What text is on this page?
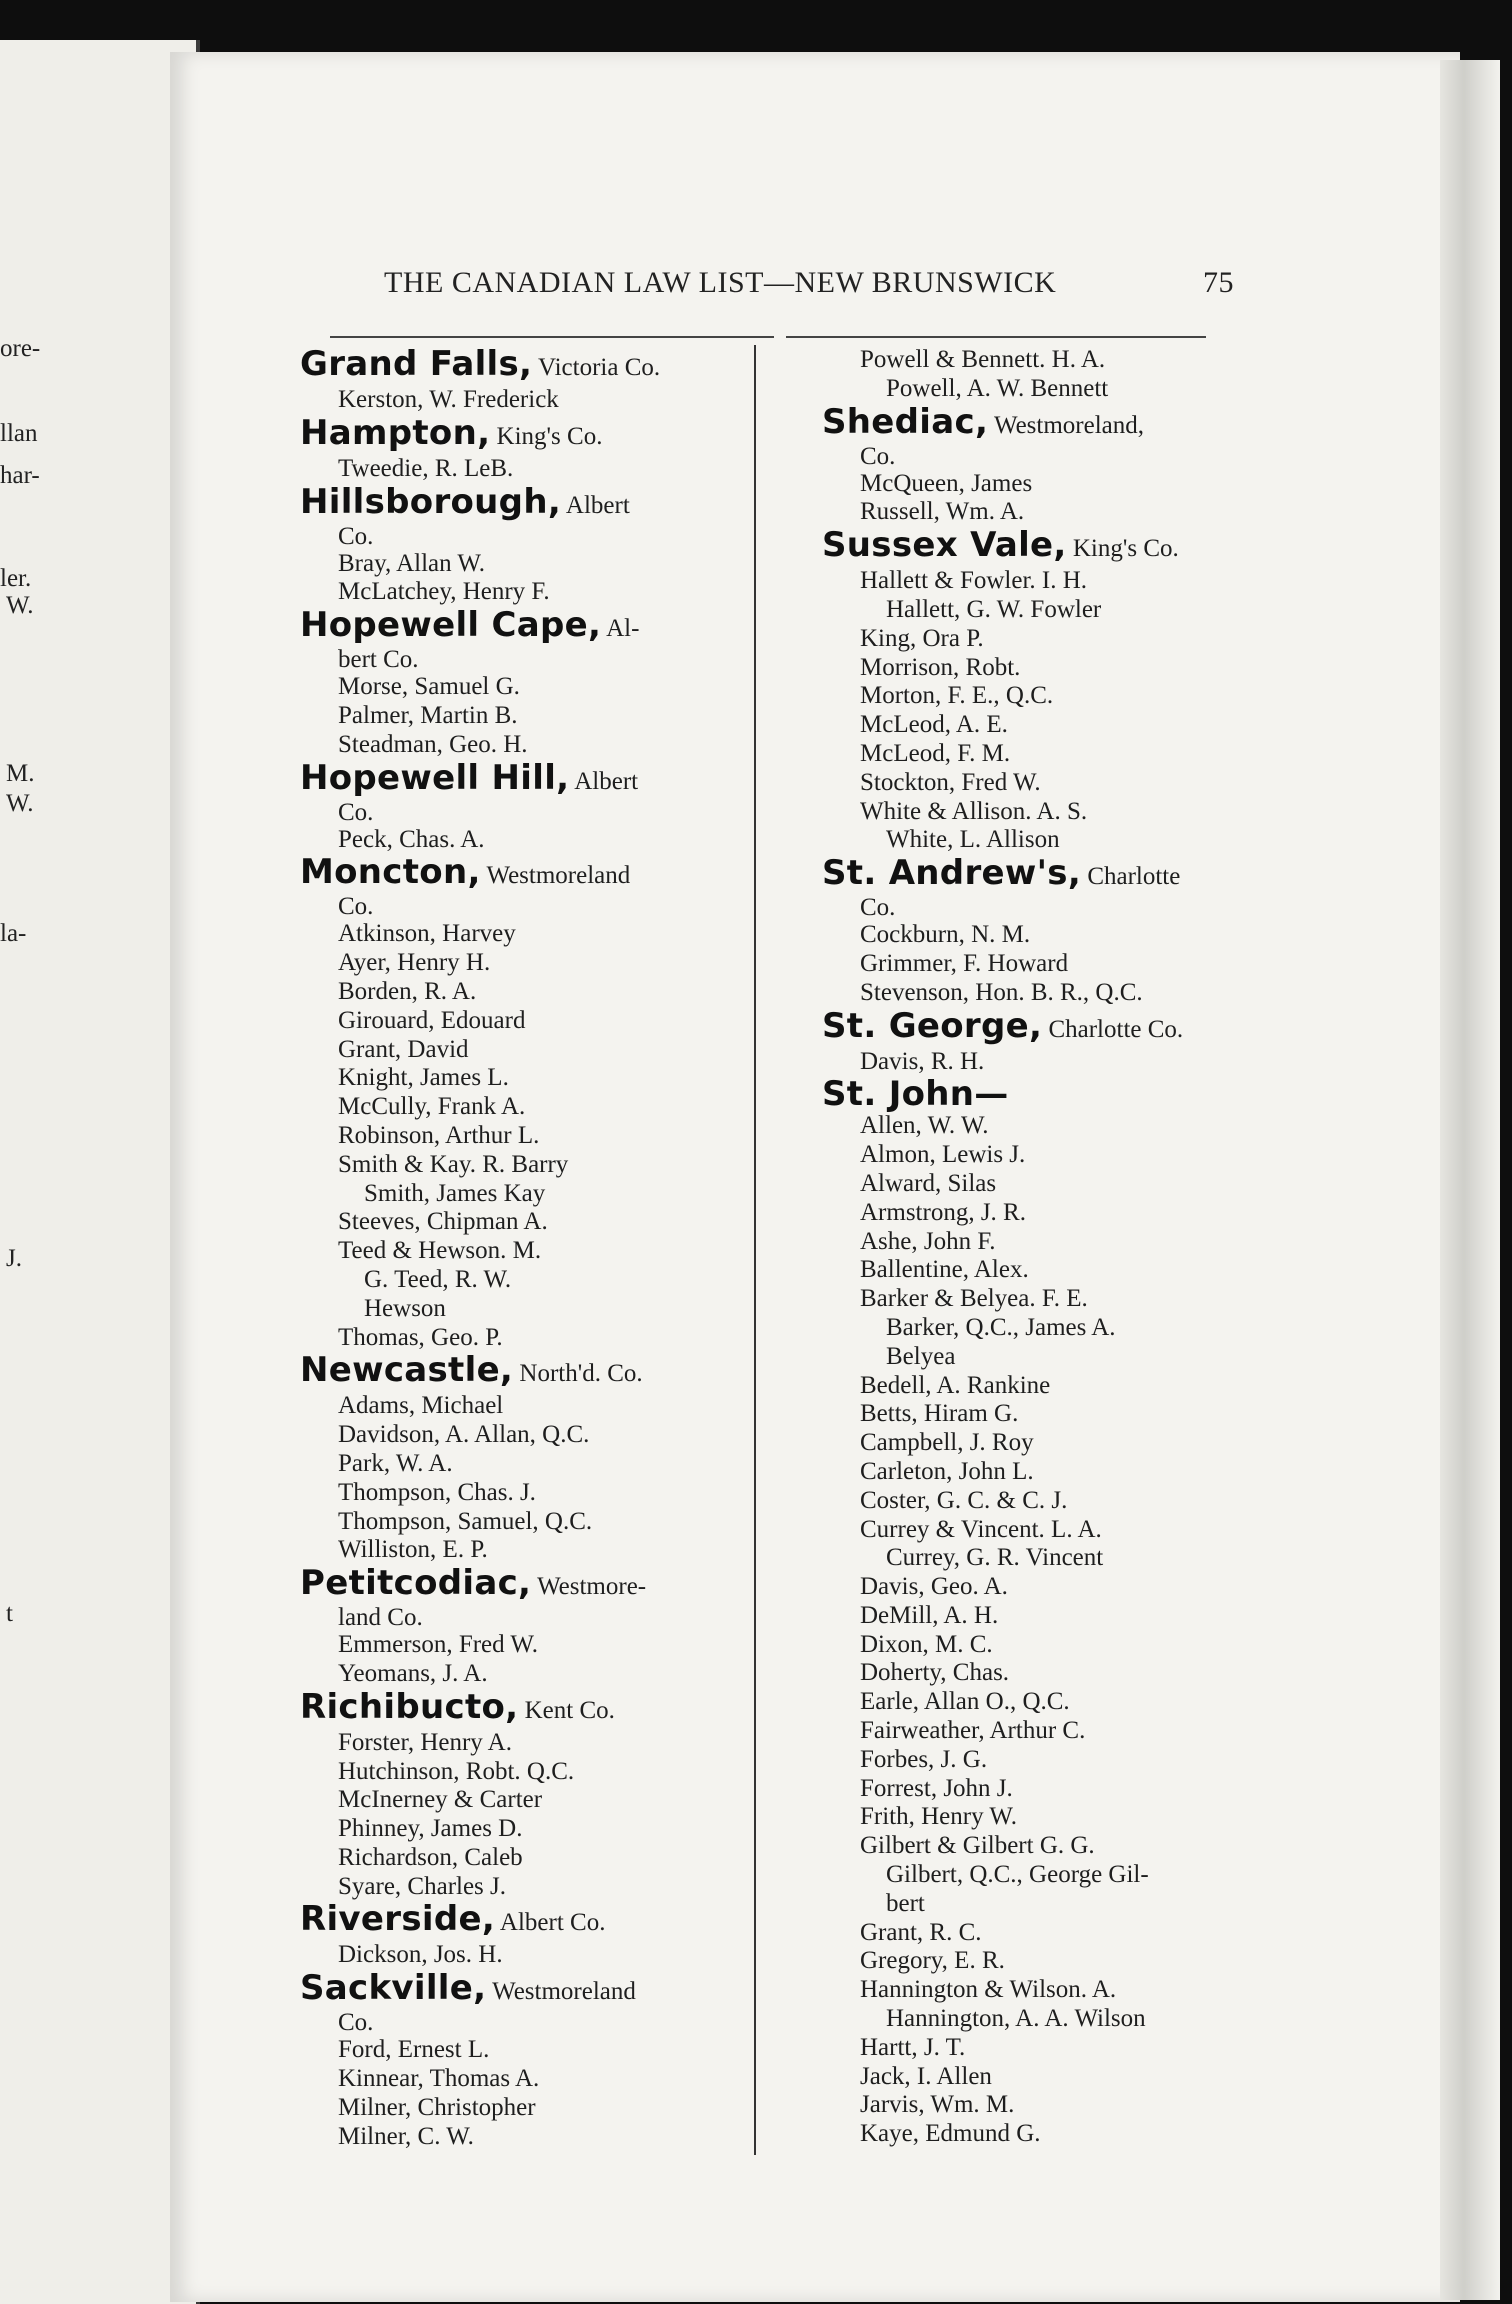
ore-
llan
har-
ler.
W.
M.
W.
la-
J.
t
THE CANADIAN LAW LIST—NEW BRUNSWICK	75
Grand Falls, Victoria Co.
Kerston, W. Frederick
Hampton, King's Co.
Tweedie, R. LeB.
Hillsborough, Albert
Co.
Bray, Allan W.
McLatchey, Henry F.
Hopewell Cape, Al-
bert Co.
Morse, Samuel G.
Palmer, Martin B.
Steadman, Geo. H.
Hopewell Hill, Albert
Co.
Peck, Chas. A.
Moncton, Westmoreland
Co.
Atkinson, Harvey
Ayer, Henry H.
Borden, R. A.
Girouard, Edouard
Grant, David
Knight, James L.
McCully, Frank A.
Robinson, Arthur L.
Smith & Kay. R. Barry
Smith, James Kay
Steeves, Chipman A.
Teed & Hewson. M.
G. Teed, R. W.
Hewson
Thomas, Geo. P.
Newcastle, North'd. Co.
Adams, Michael
Davidson, A. Allan, Q.C.
Park, W. A.
Thompson, Chas. J.
Thompson, Samuel, Q.C.
Williston, E. P.
Petitcodiac, Westmore-
land Co.
Emmerson, Fred W.
Yeomans, J. A.
Richibucto, Kent Co.
Forster, Henry A.
Hutchinson, Robt. Q.C.
McInerney & Carter
Phinney, James D.
Richardson, Caleb
Syare, Charles J.
Riverside, Albert Co.
Dickson, Jos. H.
Sackville, Westmoreland
Co.
Ford, Ernest L.
Kinnear, Thomas A.
Milner, Christopher
Milner, C. W.
Powell & Bennett. H. A.
Powell, A. W. Bennett
Shediac, Westmoreland,
Co.
McQueen, James
Russell, Wm. A.
Sussex Vale, King's Co.
Hallett & Fowler. I. H.
Hallett, G. W. Fowler
King, Ora P.
Morrison, Robt.
Morton, F. E., Q.C.
McLeod, A. E.
McLeod, F. M.
Stockton, Fred W.
White & Allison. A. S.
White, L. Allison
St. Andrew's, Charlotte
Co.
Cockburn, N. M.
Grimmer, F. Howard
Stevenson, Hon. B. R., Q.C.
St. George, Charlotte Co.
Davis, R. H.
St. John—
Allen, W. W.
Almon, Lewis J.
Alward, Silas
Armstrong, J. R.
Ashe, John F.
Ballentine, Alex.
Barker & Belyea. F. E.
Barker, Q.C., James A.
Belyea
Bedell, A. Rankine
Betts, Hiram G.
Campbell, J. Roy
Carleton, John L.
Coster, G. C. & C. J.
Currey & Vincent. L. A.
Currey, G. R. Vincent
Davis, Geo. A.
DeMill, A. H.
Dixon, M. C.
Doherty, Chas.
Earle, Allan O., Q.C.
Fairweather, Arthur C.
Forbes, J. G.
Forrest, John J.
Frith, Henry W.
Gilbert & Gilbert G. G.
Gilbert, Q.C., George Gil-
bert
Grant, R. C.
Gregory, E. R.
Hannington & Wilson. A.
Hannington, A. A. Wilson
Hartt, J. T.
Jack, I. Allen
Jarvis, Wm. M.
Kaye, Edmund G.
